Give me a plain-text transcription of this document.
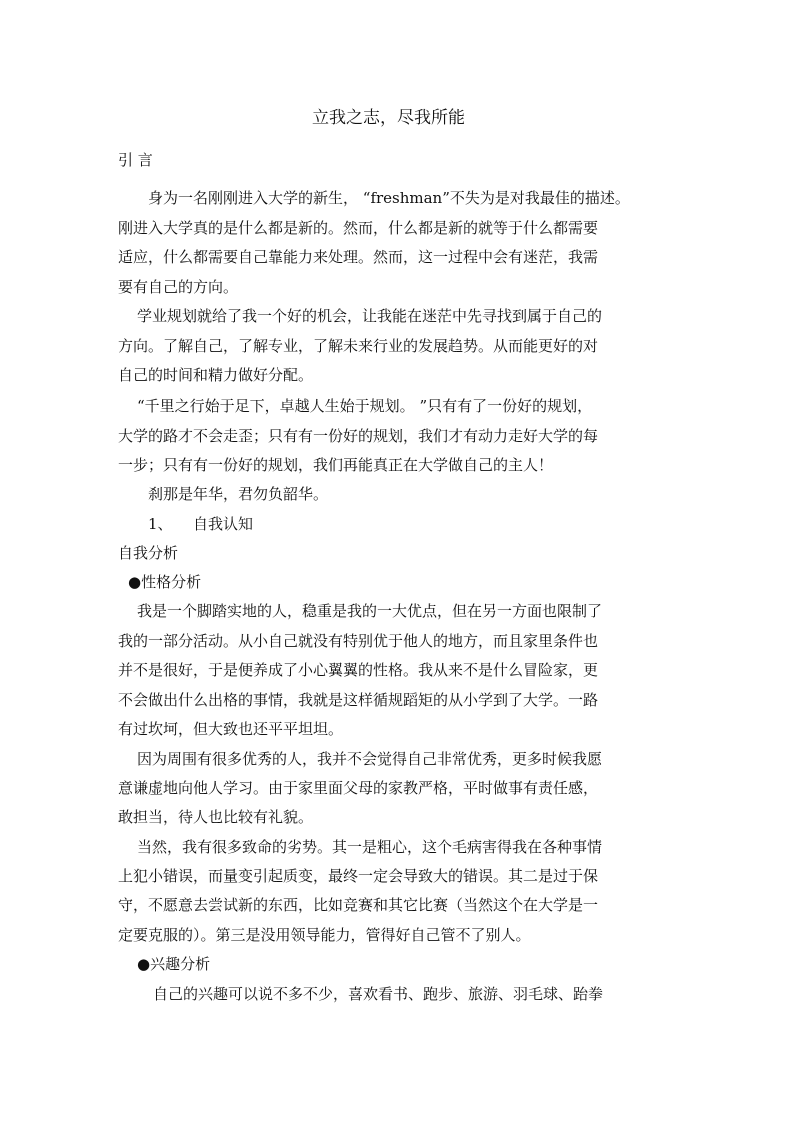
立我之志，尽我所能
引 言
身为一名刚刚进入大学的新生， “freshman”不失为是对我最佳的描述。
刚进入大学真的是什么都是新的。然而，什么都是新的就等于什么都需要
适应，什么都需要自己靠能力来处理。然而，这一过程中会有迷茫，我需
要有自己的方向。
学业规划就给了我一个好的机会，让我能在迷茫中先寻找到属于自己的
方向。了解自己，了解专业，了解未来行业的发展趋势。从而能更好的对
自己的时间和精力做好分配。
“千里之行始于足下，卓越人生始于规划。 ”只有有了一份好的规划，
大学的路才不会走歪；只有有一份好的规划，我们才有动力走好大学的每
一步；只有有一份好的规划，我们再能真正在大学做自己的主人！
刹那是年华，君勿负韶华。
1、 自我认知
自我分析
●性格分析
我是一个脚踏实地的人，稳重是我的一大优点，但在另一方面也限制了
我的一部分活动。从小自己就没有特别优于他人的地方，而且家里条件也
并不是很好，于是便养成了小心翼翼的性格。我从来不是什么冒险家，更
不会做出什么出格的事情，我就是这样循规蹈矩的从小学到了大学。一路
有过坎坷，但大致也还平平坦坦。
因为周围有很多优秀的人，我并不会觉得自己非常优秀，更多时候我愿
意谦虚地向他人学习。由于家里面父母的家教严格，平时做事有责任感，
敢担当，待人也比较有礼貌。
当然，我有很多致命的劣势。其一是粗心，这个毛病害得我在各种事情
上犯小错误，而量变引起质变，最终一定会导致大的错误。其二是过于保
守，不愿意去尝试新的东西，比如竞赛和其它比赛（当然这个在大学是一
定要克服的）。第三是没用领导能力，管得好自己管不了别人。
●兴趣分析
自己的兴趣可以说不多不少，喜欢看书、跑步、旅游、羽毛球、跆拳
